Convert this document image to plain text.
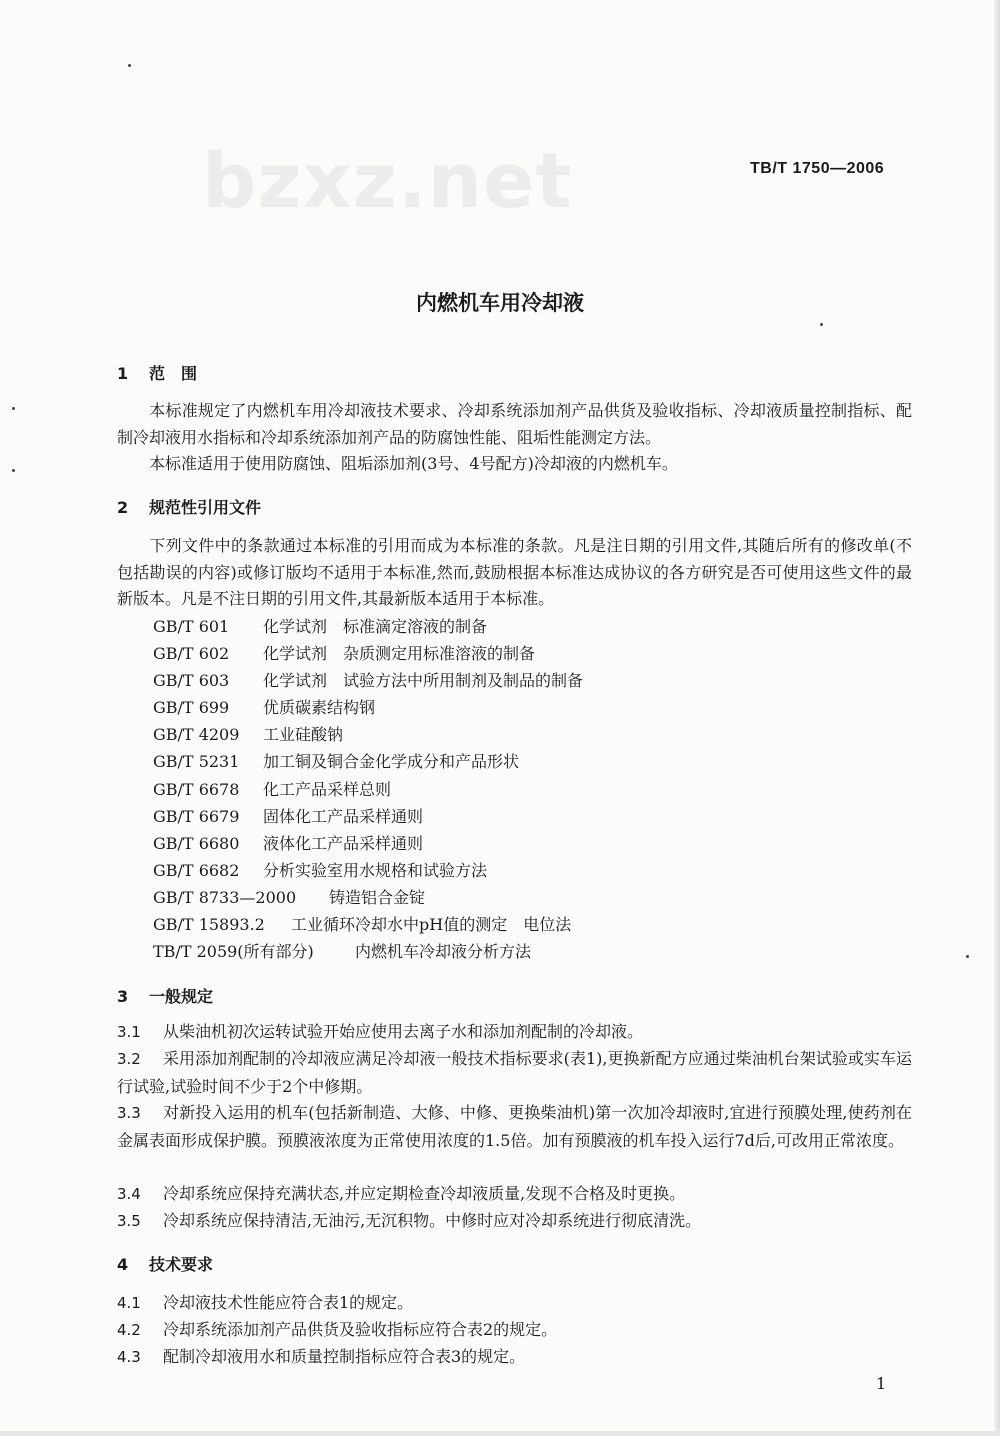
bzxz.net	TB/T 1750—2006
内燃机车用冷却液
1 范　围
本标准规定了内燃机车用冷却液技术要求、冷却系统添加剂产品供货及验收指标、冷却液质量控制指标、配制冷却液用水指标和冷却系统添加剂产品的防腐蚀性能、阻垢性能测定方法。
本标准适用于使用防腐蚀、阻垢添加剂(3号、4号配方)冷却液的内燃机车。
2 规范性引用文件
下列文件中的条款通过本标准的引用而成为本标准的条款。凡是注日期的引用文件,其随后所有的修改单(不包括勘误的内容)或修订版均不适用于本标准,然而,鼓励根据本标准达成协议的各方研究是否可使用这些文件的最新版本。凡是不注日期的引用文件,其最新版本适用于本标准。
GB/T 601 化学试剂　标准滴定溶液的制备
GB/T 602 化学试剂　杂质测定用标准溶液的制备
GB/T 603 化学试剂　试验方法中所用制剂及制品的制备
GB/T 699 优质碳素结构钢
GB/T 4209 工业硅酸钠
GB/T 5231 加工铜及铜合金化学成分和产品形状
GB/T 6678 化工产品采样总则
GB/T 6679 固体化工产品采样通则
GB/T 6680 液体化工产品采样通则
GB/T 6682 分析实验室用水规格和试验方法
GB/T 8733—2000 铸造铝合金锭
GB/T 15893.2 工业循环冷却水中pH值的测定　电位法
TB/T 2059(所有部分)	内燃机车冷却液分析方法
3 一般规定
3.1 从柴油机初次运转试验开始应使用去离子水和添加剂配制的冷却液。
3.2 采用添加剂配制的冷却液应满足冷却液一般技术指标要求(表1),更换新配方应通过柴油机台架试验或实车运行试验,试验时间不少于2个中修期。
3.3 对新投入运用的机车(包括新制造、大修、中修、更换柴油机)第一次加冷却液时,宜进行预膜处理,使药剂在金属表面形成保护膜。预膜液浓度为正常使用浓度的1.5倍。加有预膜液的机车投入运行7d后,可改用正常浓度。
3.4 冷却系统应保持充满状态,并应定期检查冷却液质量,发现不合格及时更换。
3.5 冷却系统应保持清洁,无油污,无沉积物。中修时应对冷却系统进行彻底清洗。
4 技术要求
4.1 冷却液技术性能应符合表1的规定。
4.2 冷却系统添加剂产品供货及验收指标应符合表2的规定。
4.3 配制冷却液用水和质量控制指标应符合表3的规定。
1
